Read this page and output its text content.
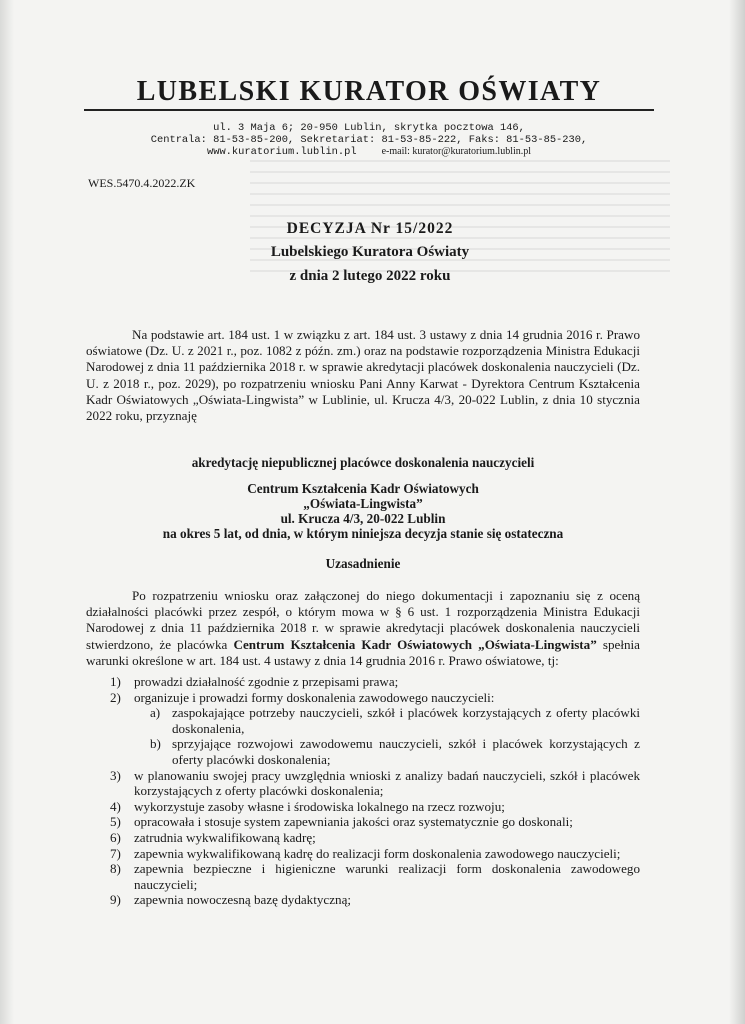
LUBELSKI KURATOR OŚWIATY
ul. 3 Maja 6; 20-950 Lublin, skrytka pocztowa 146,
Centrala: 81-53-85-200, Sekretariat: 81-53-85-222, Faks: 81-53-85-230,
www.kuratorium.lublin.pl e-mail: kurator@kuratorium.lublin.pl
WES.5470.4.2022.ZK
DECYZJA Nr 15/2022
Lubelskiego Kuratora Oświaty
z dnia 2 lutego 2022 roku
Na podstawie art. 184 ust. 1 w związku z art. 184 ust. 3 ustawy z dnia 14 grudnia 2016 r. Prawo oświatowe (Dz. U. z 2021 r., poz. 1082 z późn. zm.) oraz na podstawie rozporządzenia Ministra Edukacji Narodowej z dnia 11 października 2018 r. w sprawie akredytacji placówek doskonalenia nauczycieli (Dz. U. z 2018 r., poz. 2029), po rozpatrzeniu wniosku Pani Anny Karwat - Dyrektora Centrum Kształcenia Kadr Oświatowych „Oświata-Lingwista” w Lublinie, ul. Krucza 4/3, 20-022 Lublin, z dnia 10 stycznia 2022 roku, przyznaję
akredytację niepublicznej placówce doskonalenia nauczycieli
Centrum Kształcenia Kadr Oświatowych
„Oświata-Lingwista”
ul. Krucza 4/3, 20-022 Lublin
na okres 5 lat, od dnia, w którym niniejsza decyzja stanie się ostateczna
Uzasadnienie
Po rozpatrzeniu wniosku oraz załączonej do niego dokumentacji i zapoznaniu się z oceną działalności placówki przez zespół, o którym mowa w § 6 ust. 1 rozporządzenia Ministra Edukacji Narodowej z dnia 11 października 2018 r. w sprawie akredytacji placówek doskonalenia nauczycieli stwierdzono, że placówka Centrum Kształcenia Kadr Oświatowych „Oświata-Lingwista” spełnia warunki określone w art. 184 ust. 4 ustawy z dnia 14 grudnia 2016 r. Prawo oświatowe, tj:
1) prowadzi działalność zgodnie z przepisami prawa;
2) organizuje i prowadzi formy doskonalenia zawodowego nauczycieli:
a) zaspokajające potrzeby nauczycieli, szkół i placówek korzystających z oferty placówki doskonalenia,
b) sprzyjające rozwojowi zawodowemu nauczycieli, szkół i placówek korzystających z oferty placówki doskonalenia;
3) w planowaniu swojej pracy uwzględnia wnioski z analizy badań nauczycieli, szkół i placówek korzystających z oferty placówki doskonalenia;
4) wykorzystuje zasoby własne i środowiska lokalnego na rzecz rozwoju;
5) opracowała i stosuje system zapewniania jakości oraz systematycznie go doskonali;
6) zatrudnia wykwalifikowaną kadrę;
7) zapewnia wykwalifikowaną kadrę do realizacji form doskonalenia zawodowego nauczycieli;
8) zapewnia bezpieczne i higieniczne warunki realizacji form doskonalenia zawodowego nauczycieli;
9) zapewnia nowoczesną bazę dydaktyczną;
